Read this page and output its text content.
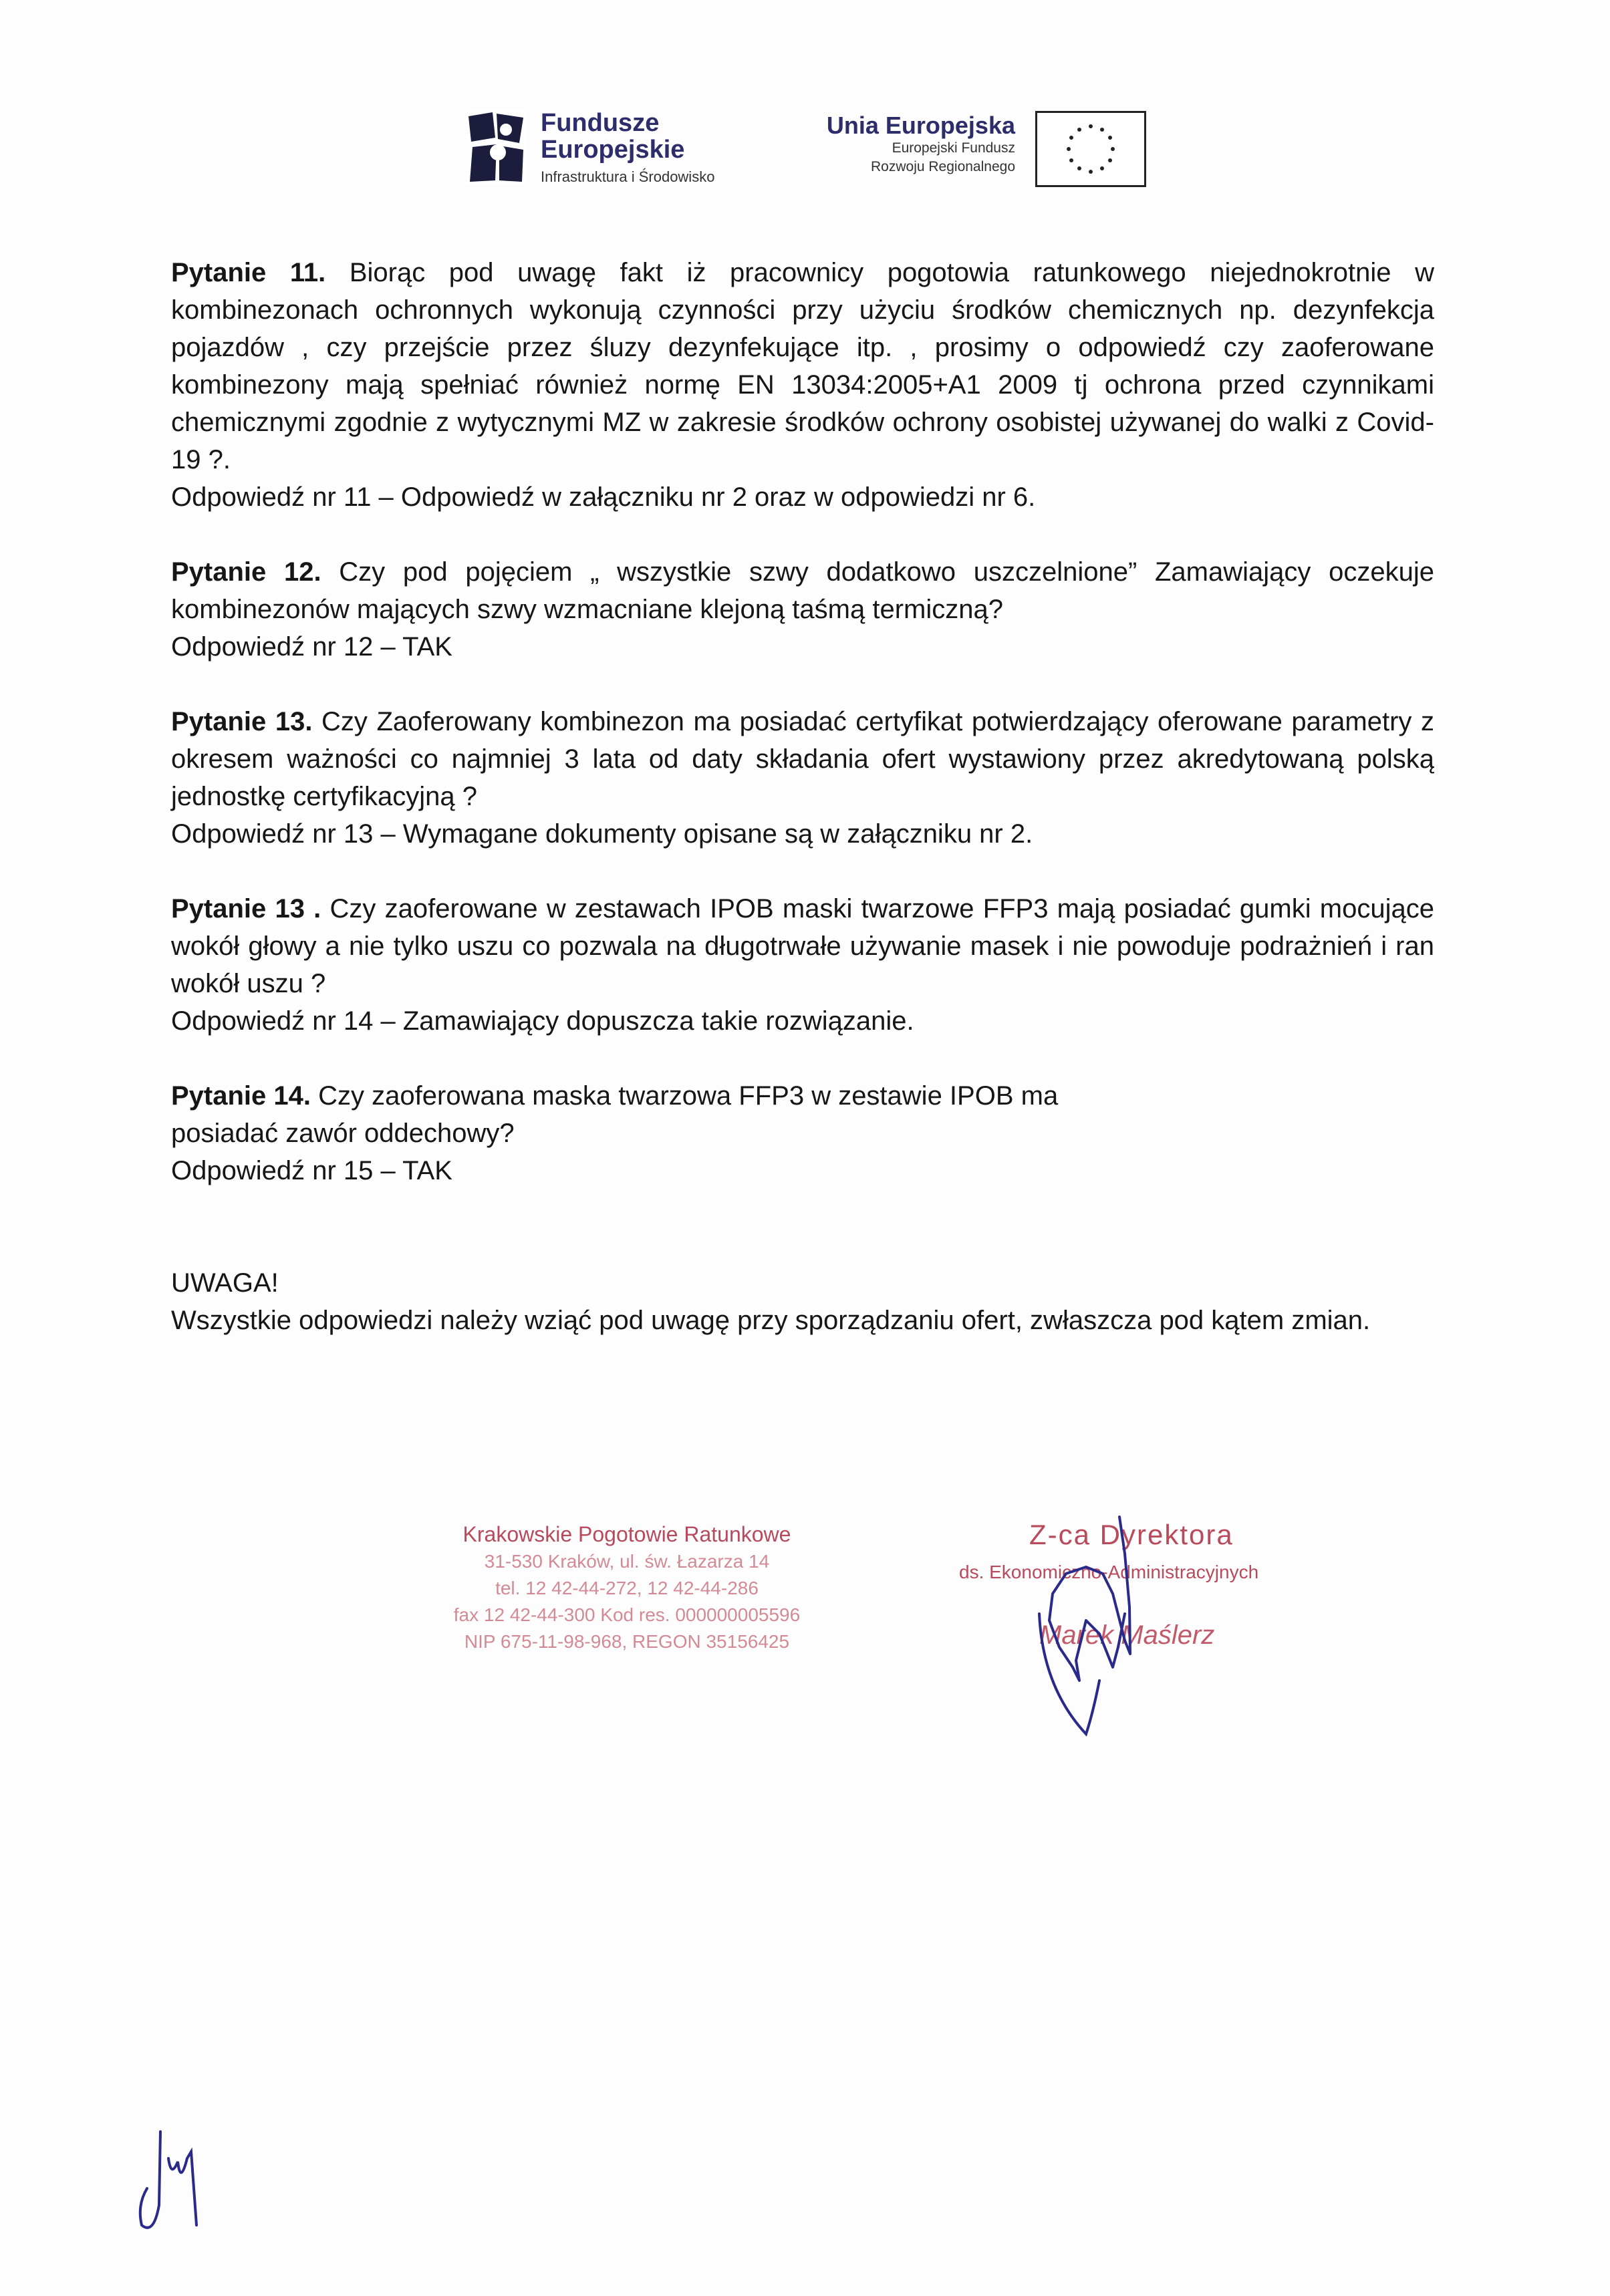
Fundusze
Europejskie
Infrastruktura i Środowisko
Unia Europejska
Europejski Fundusz
Rozwoju Regionalnego

Pytanie 11. Biorąc pod uwagę fakt iż pracownicy pogotowia ratunkowego niejednokrotnie w kombinezonach ochronnych wykonują czynności przy użyciu środków chemicznych np. dezynfekcja pojazdów , czy przejście przez śluzy dezynfekujące itp. , prosimy o odpowiedź czy zaoferowane kombinezony mają spełniać również normę EN 13034:2005+A1 2009 tj ochrona przed czynnikami chemicznymi zgodnie z wytycznymi MZ w zakresie środków ochrony osobistej używanej do walki z Covid-19 ?.

Odpowiedź nr 11 – Odpowiedź w załączniku nr 2 oraz w odpowiedzi nr 6.

Pytanie 12. Czy pod pojęciem „ wszystkie szwy dodatkowo uszczelnione” Zamawiający oczekuje kombinezonów mających szwy wzmacniane klejoną taśmą termiczną?

Odpowiedź nr 12 – TAK

Pytanie 13. Czy Zaoferowany kombinezon ma posiadać certyfikat potwierdzający oferowane parametry z okresem ważności co najmniej 3 lata od daty składania ofert wystawiony przez akredytowaną polską jednostkę certyfikacyjną ?

Odpowiedź nr 13 – Wymagane dokumenty opisane są w załączniku nr 2.

Pytanie 13 . Czy zaoferowane w zestawach IPOB maski twarzowe FFP3 mają posiadać gumki mocujące wokół głowy a nie tylko uszu co pozwala na długotrwałe używanie masek i nie powoduje podrażnień i ran wokół uszu ?

Odpowiedź nr 14 – Zamawiający dopuszcza takie rozwiązanie.

Pytanie 14. Czy zaoferowana maska twarzowa FFP3 w zestawie IPOB ma posiadać zawór oddechowy?

Odpowiedź nr 15 – TAK

UWAGA!

Wszystkie odpowiedzi należy wziąć pod uwagę przy sporządzaniu ofert, zwłaszcza pod kątem zmian.

Krakowskie Pogotowie Ratunkowe
31-530 Kraków, ul. św. Łazarza 14
tel. 12 42-44-272, 12 42-44-286
fax 12 42-44-300 Kod res. 000000005596
NIP 675-11-98-968, REGON 35156425
Z-ca Dyrektora
ds. Ekonomiczno-Administracyjnych
Marek Maślerz
